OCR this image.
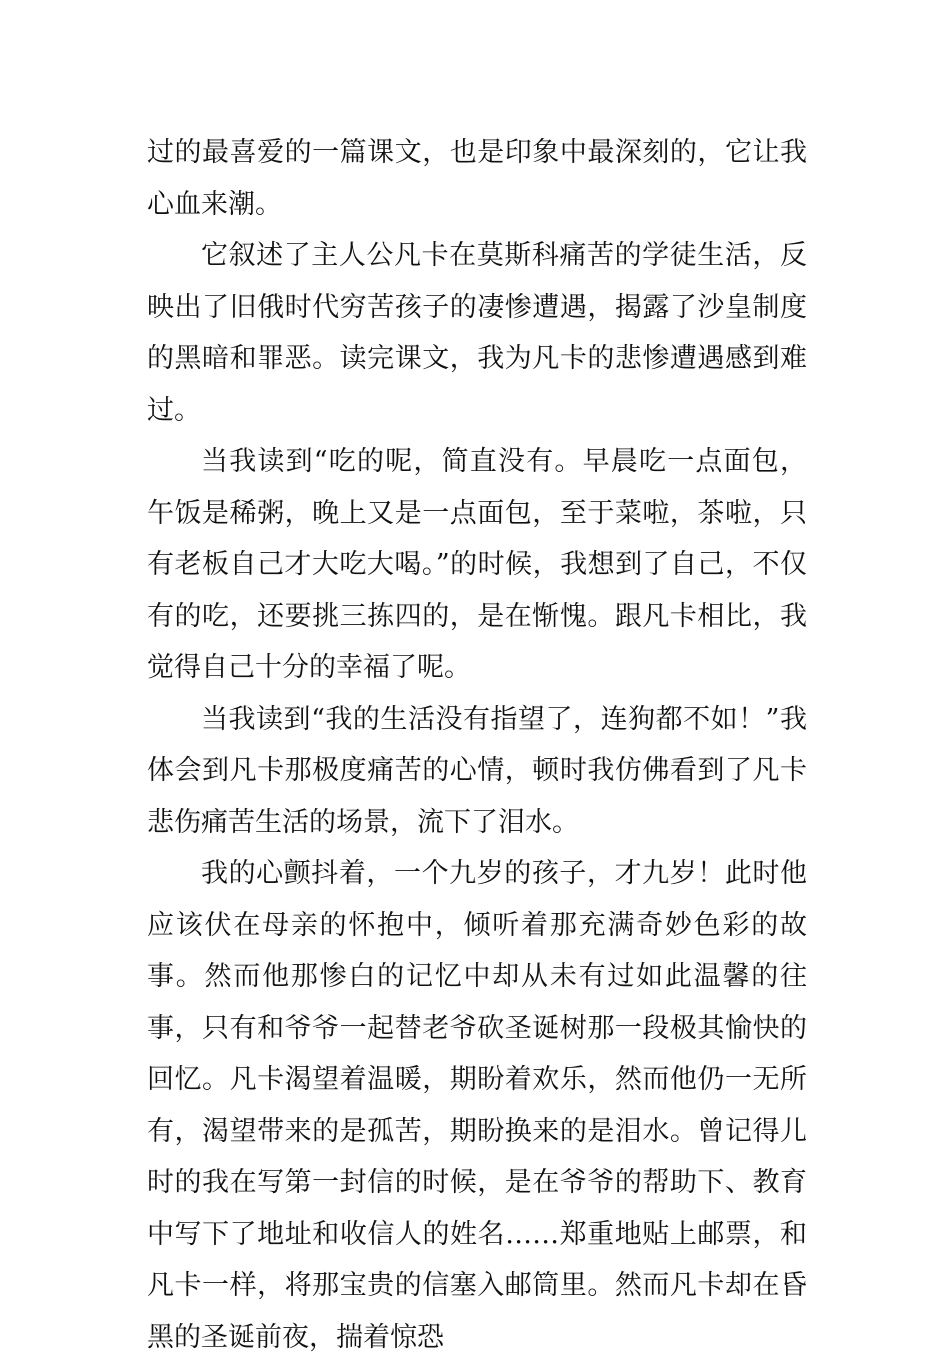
过的最喜爱的一篇课文，也是印象中最深刻的，它让我心血来潮。

它叙述了主人公凡卡在莫斯科痛苦的学徒生活，反映出了旧俄时代穷苦孩子的凄惨遭遇，揭露了沙皇制度的黑暗和罪恶。读完课文，我为凡卡的悲惨遭遇感到难过。

当我读到“吃的呢，简直没有。早晨吃一点面包，午饭是稀粥，晚上又是一点面包，至于菜啦，茶啦，只有老板自己才大吃大喝。”的时候，我想到了自己，不仅有的吃，还要挑三拣四的，是在惭愧。跟凡卡相比，我觉得自己十分的幸福了呢。

当我读到“我的生活没有指望了，连狗都不如！”我体会到凡卡那极度痛苦的心情，顿时我仿佛看到了凡卡悲伤痛苦生活的场景，流下了泪水。

我的心颤抖着，一个九岁的孩子，才九岁！此时他应该伏在母亲的怀抱中，倾听着那充满奇妙色彩的故事。然而他那惨白的记忆中却从未有过如此温馨的往事，只有和爷爷一起替老爷砍圣诞树那一段极其愉快的回忆。凡卡渴望着温暖，期盼着欢乐，然而他仍一无所有，渴望带来的是孤苦，期盼换来的是泪水。曾记得儿时的我在写第一封信的时候，是在爷爷的帮助下、教育中写下了地址和收信人的姓名……郑重地贴上邮票，和凡卡一样，将那宝贵的信塞入邮筒里。然而凡卡却在昏黑的圣诞前夜，揣着惊恐
